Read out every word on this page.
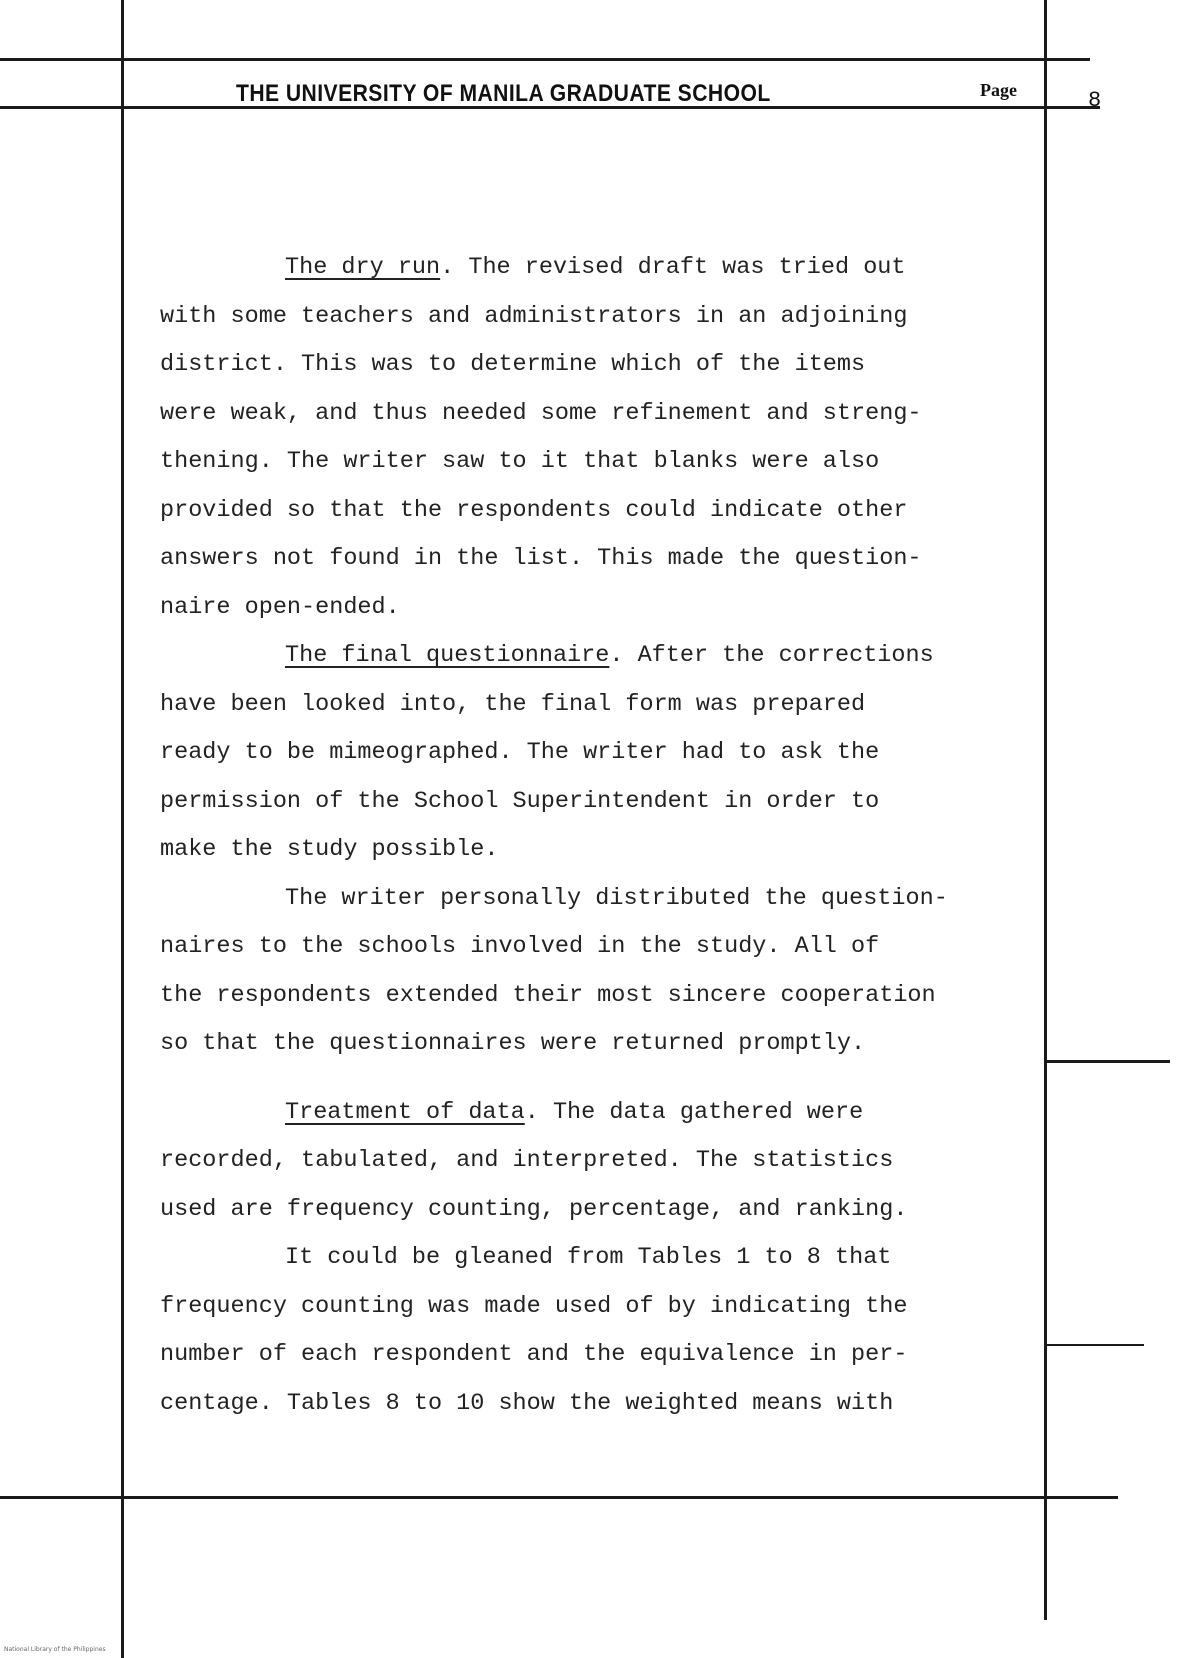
THE UNIVERSITY OF MANILA GRADUATE SCHOOL	Page	8
The dry run. The revised draft was tried out
with some teachers and administrators in an adjoining
district. This was to determine which of the items
were weak, and thus needed some refinement and streng-
thening. The writer saw to it that blanks were also
provided so that the respondents could indicate other
answers not found in the list. This made the question-
naire open-ended.
The final questionnaire. After the corrections
have been looked into, the final form was prepared
ready to be mimeographed. The writer had to ask the
permission of the School Superintendent in order to
make the study possible.
The writer personally distributed the question-
naires to the schools involved in the study. All of
the respondents extended their most sincere cooperation
so that the questionnaires were returned promptly.
Treatment of data. The data gathered were
recorded, tabulated, and interpreted. The statistics
used are frequency counting, percentage, and ranking.
It could be gleaned from Tables 1 to 8 that
frequency counting was made used of by indicating the
number of each respondent and the equivalence in per-
centage. Tables 8 to 10 show the weighted means with
National Library of the Philippines
